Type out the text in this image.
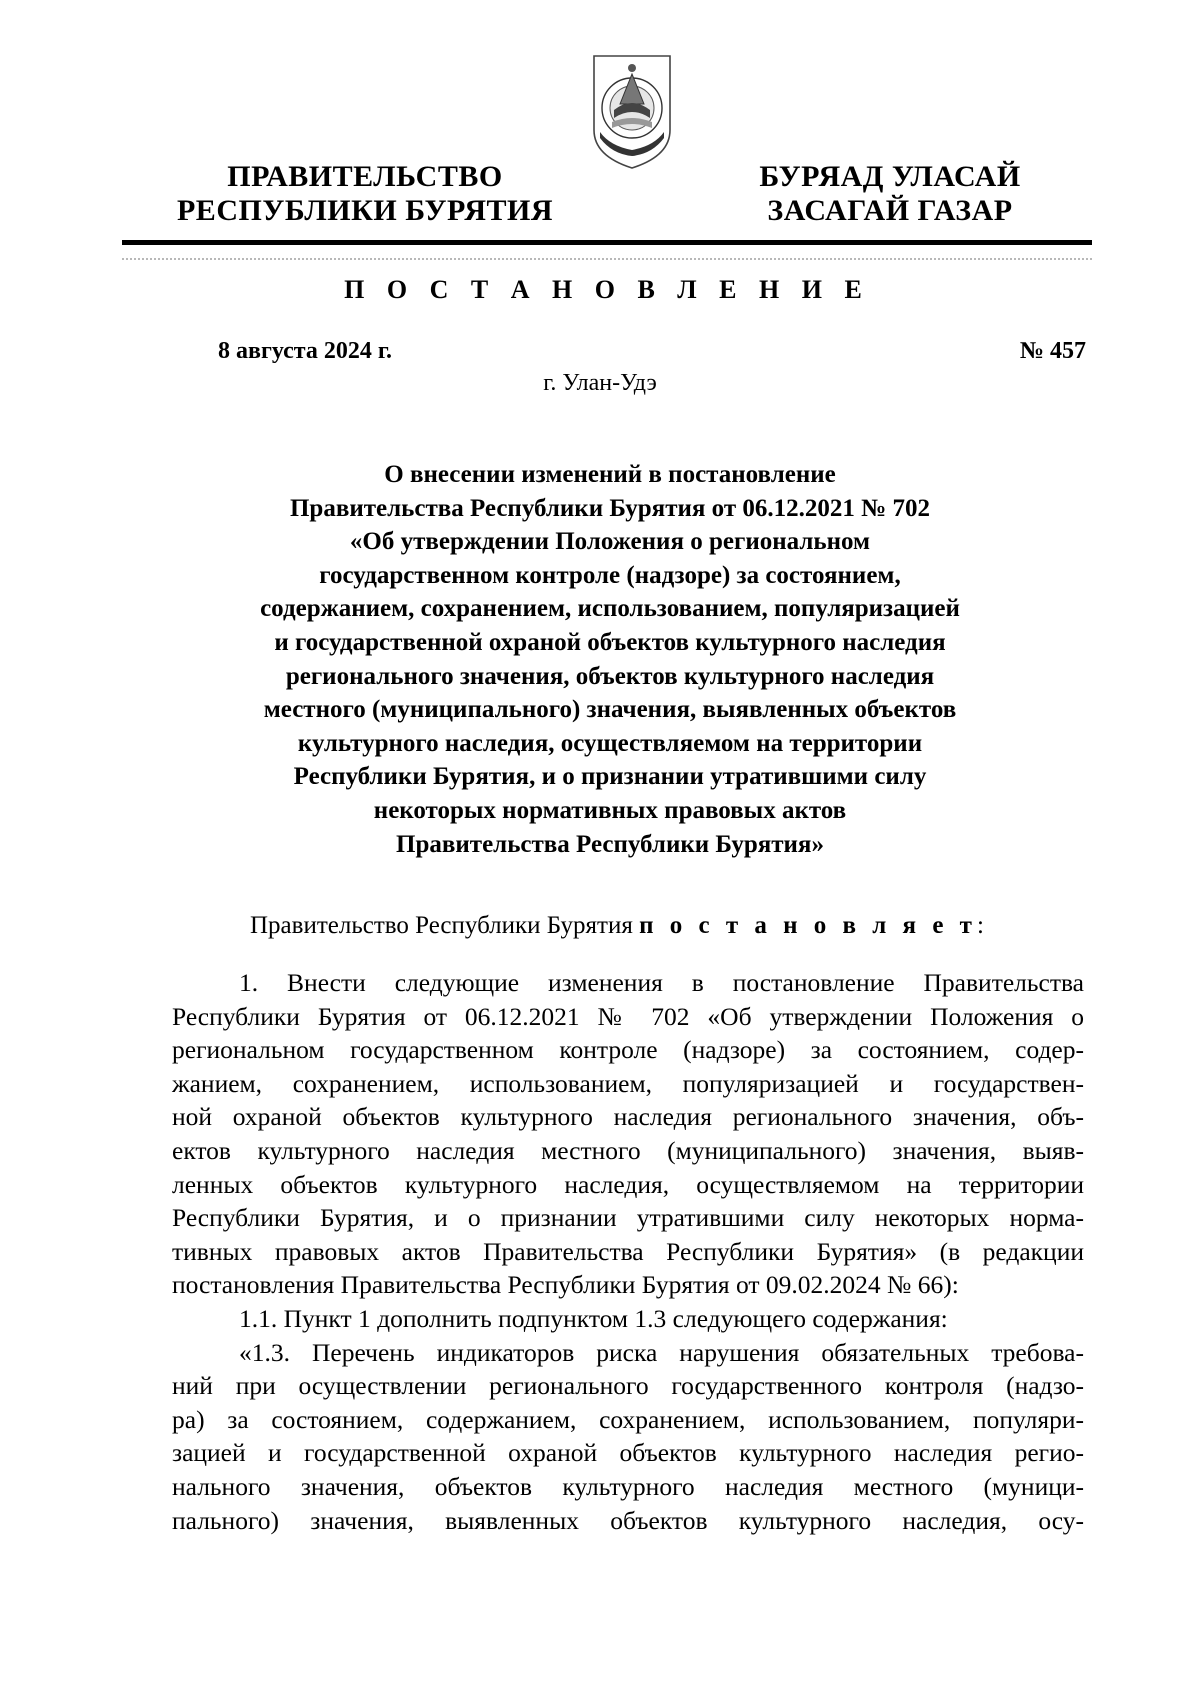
ПРАВИТЕЛЬСТВО
РЕСПУБЛИКИ БУРЯТИЯ
БУРЯАД УЛАСАЙ
ЗАСАГАЙ ГАЗАР
П О С Т А Н О В Л Е Н И Е
8 августа 2024 г.	№ 457
г. Улан-Удэ
О внесении изменений в постановление
Правительства Республики Бурятия от 06.12.2021 № 702
«Об утверждении Положения о региональном
государственном контроле (надзоре) за состоянием,
содержанием, сохранением, использованием, популяризацией
и государственной охраной объектов культурного наследия
регионального значения, объектов культурного наследия
местного (муниципального) значения, выявленных объектов
культурного наследия, осуществляемом на территории
Республики Бурятия, и о признании утратившими силу
некоторых нормативных правовых актов
Правительства Республики Бурятия»
Правительство Республики Бурятия п о с т а н о в л я е т:
1. Внести следующие изменения в постановление Правительства
Республики Бурятия от 06.12.2021 № 702 «Об утверждении Положения о
региональном государственном контроле (надзоре) за состоянием, содер-
жанием, сохранением, использованием, популяризацией и государствен-
ной охраной объектов культурного наследия регионального значения, объ-
ектов культурного наследия местного (муниципального) значения, выяв-
ленных объектов культурного наследия, осуществляемом на территории
Республики Бурятия, и о признании утратившими силу некоторых норма-
тивных правовых актов Правительства Республики Бурятия» (в редакции
постановления Правительства Республики Бурятия от 09.02.2024 № 66):
1.1. Пункт 1 дополнить подпунктом 1.3 следующего содержания:
«1.3. Перечень индикаторов риска нарушения обязательных требова-
ний при осуществлении регионального государственного контроля (надзо-
ра) за состоянием, содержанием, сохранением, использованием, популяри-
зацией и государственной охраной объектов культурного наследия регио-
нального значения, объектов культурного наследия местного (муници-
пального) значения, выявленных объектов культурного наследия, осу-
